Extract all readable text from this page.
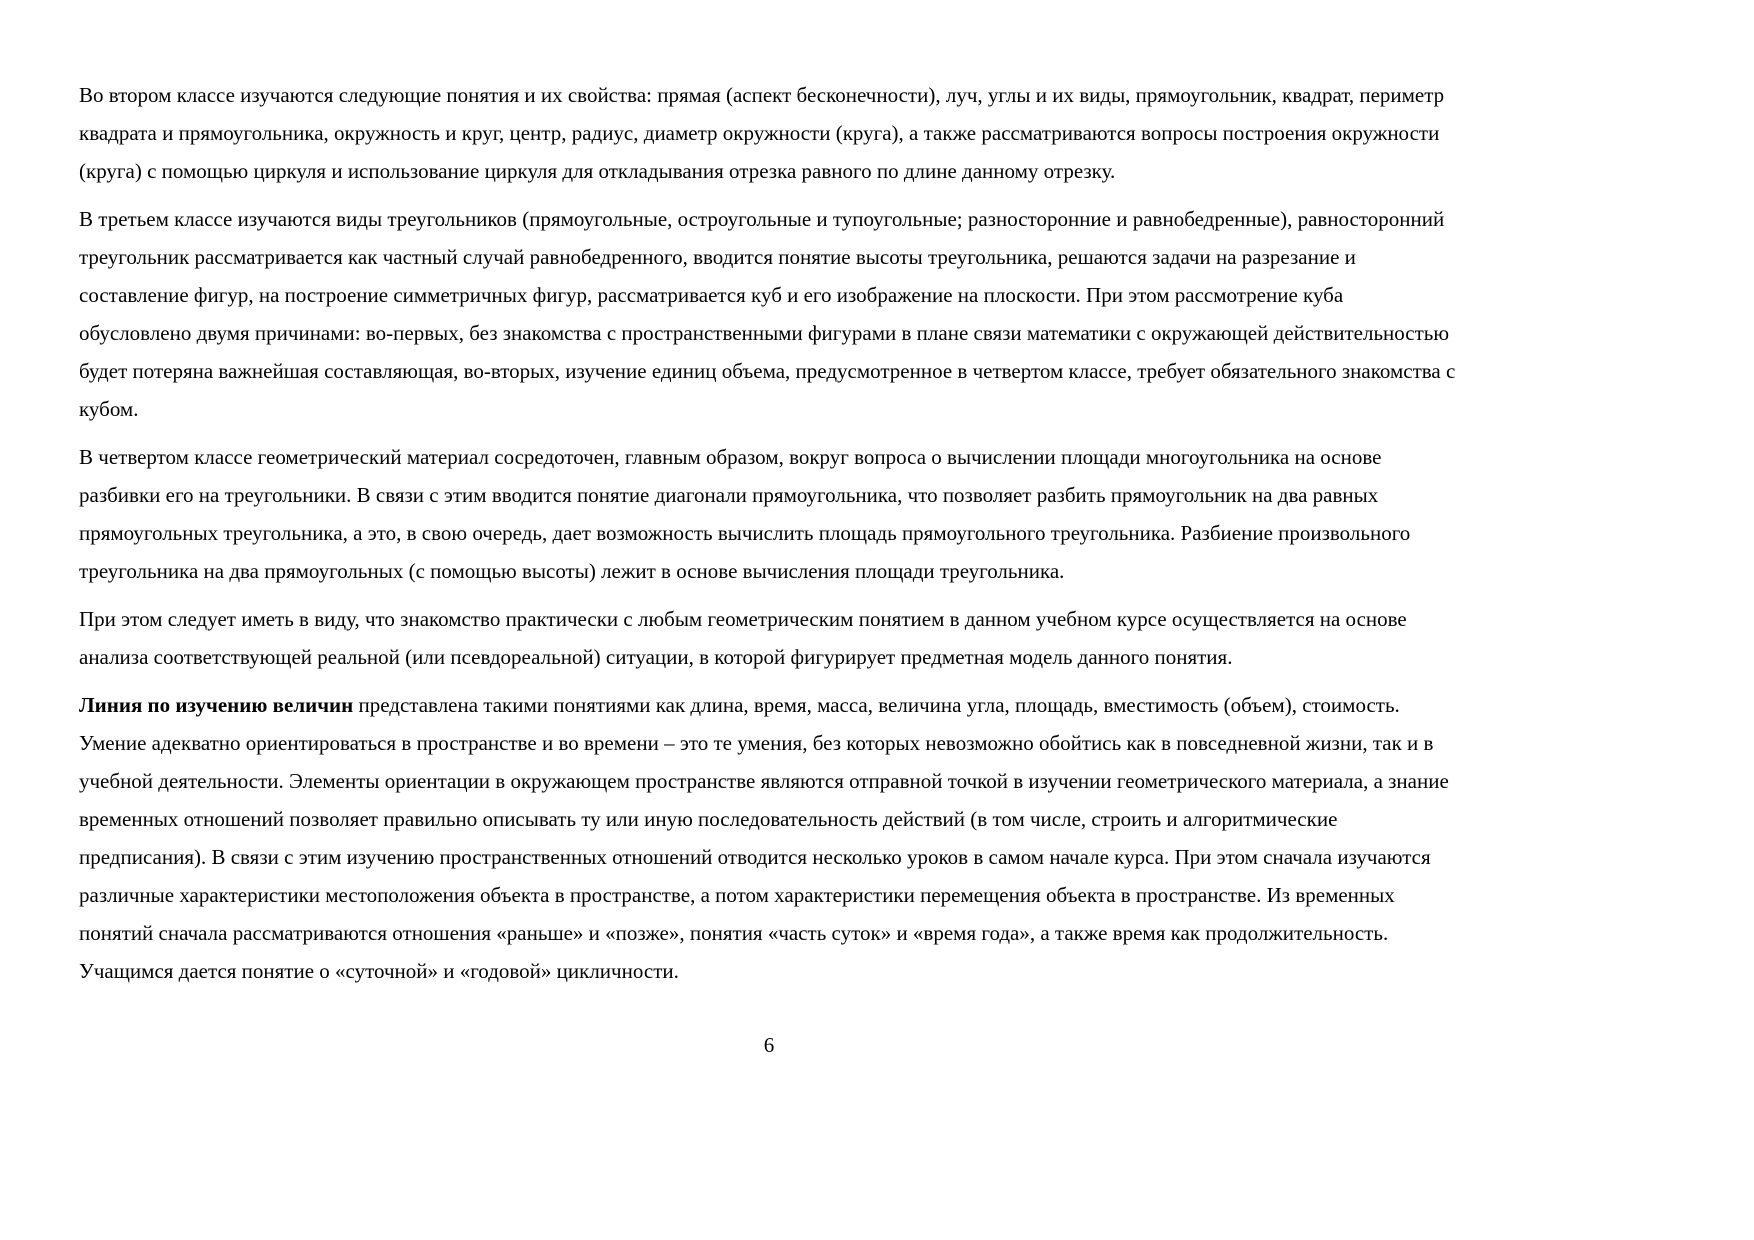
Во втором классе изучаются следующие понятия и их свойства: прямая (аспект бесконечности), луч, углы и их виды, прямоугольник, квадрат, периметр квадрата и прямоугольника, окружность и круг, центр, радиус, диаметр окружности (круга), а также рассматриваются вопросы построения окружности (круга) с помощью циркуля и использование циркуля для откладывания отрезка равного по длине данному отрезку.

В третьем классе изучаются виды треугольников (прямоугольные, остроугольные и тупоугольные; разносторонние и равнобедренные), равносторонний треугольник рассматривается как частный случай равнобедренного, вводится понятие высоты треугольника, решаются задачи на разрезание и составление фигур, на построение симметричных фигур, рассматривается куб и его изображение на плоскости. При этом рассмотрение куба обусловлено двумя причинами: во-первых, без знакомства с пространственными фигурами в плане связи математики с окружающей действительностью будет потеряна важнейшая составляющая, во-вторых, изучение единиц объема, предусмотренное в четвертом классе, требует обязательного знакомства с кубом.

В четвертом классе геометрический материал сосредоточен, главным образом, вокруг вопроса о вычислении площади многоугольника на основе разбивки его на треугольники. В связи с этим вводится понятие диагонали прямоугольника, что позволяет разбить прямоугольник на два равных прямоугольных треугольника, а это, в свою очередь, дает возможность вычислить площадь прямоугольного треугольника. Разбиение произвольного треугольника на два прямоугольных (с помощью высоты) лежит в основе вычисления площади треугольника.

При этом следует иметь в виду, что знакомство практически с любым геометрическим понятием в данном учебном курсе осуществляется на основе анализа соответствующей реальной (или псевдореальной) ситуации, в которой фигурирует предметная модель данного понятия.

Линия по изучению величин представлена такими понятиями как длина, время, масса, величина угла, площадь, вместимость (объем), стоимость. Умение адекватно ориентироваться в пространстве и во времени – это те умения, без которых невозможно обойтись как в повседневной жизни, так и в учебной деятельности. Элементы ориентации в окружающем пространстве являются отправной точкой в изучении геометрического материала, а знание временных отношений позволяет правильно описывать ту или иную последовательность действий (в том числе, строить и алгоритмические предписания). В связи с этим изучению пространственных отношений отводится несколько уроков в самом начале курса. При этом сначала изучаются различные характеристики местоположения объекта в пространстве, а потом характеристики перемещения объекта в пространстве. Из временных понятий сначала рассматриваются отношения «раньше» и «позже», понятия «часть суток» и «время года», а также время как продолжительность. Учащимся дается понятие о «суточной» и «годовой» цикличности.

6
